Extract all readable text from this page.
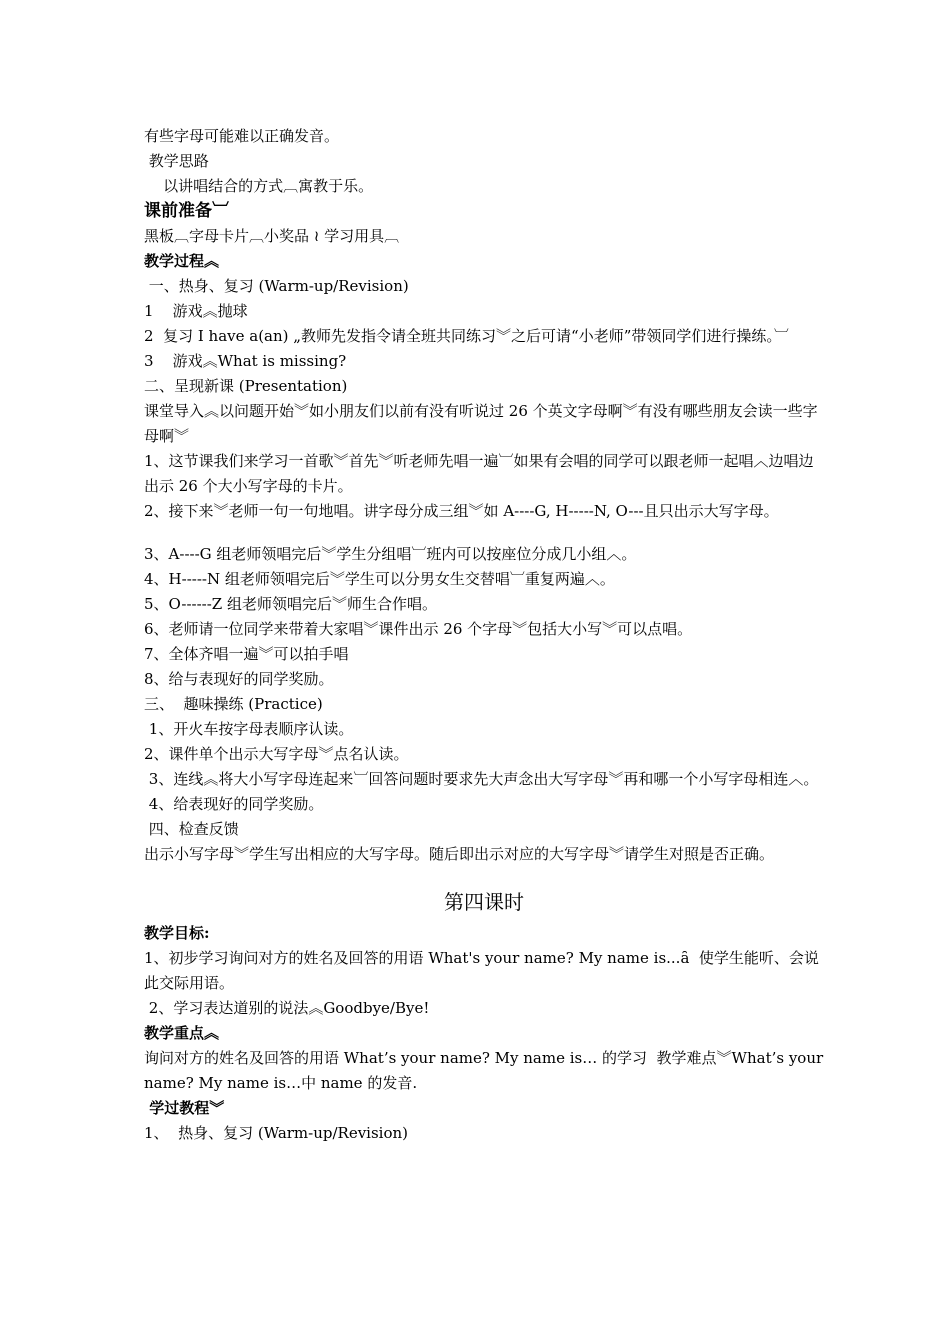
有些字母可能难以正确发音。

教学思路

以讲唱结合的方式︹寓教于乐。

课前准备︺

黑板︹字母卡片︹小奖品 ≀ 学习用具︹

教学过程︽

一、热身、复习 (Warm-up/Revision)

1    游戏︽抛球

2  复习 I have a(an) „教师先发指令请全班共同练习︾之后可请“小老师”带领同学们进行操练。︺

3    游戏︽What is missing?

二、呈现新课 (Presentation)

课堂导入︽以问题开始︾如小朋友们以前有没有听说过 26 个英文字母啊︾有没有哪些朋友会读一些字母啊︾

1、这节课我们来学习一首歌︾首先︾听老师先唱一遍︺如果有会唱的同学可以跟老师一起唱︿边唱边出示 26 个大小写字母的卡片。

2、接下来︾老师一句一句地唱。讲字母分成三组︾如 A----G, H-----N, O---且只出示大写字母。

3、A----G 组老师领唱完后︾学生分组唱︺班内可以按座位分成几小组︿。

4、H-----N 组老师领唱完后︾学生可以分男女生交替唱︺重复两遍︿。

5、O------Z 组老师领唱完后︾师生合作唱。

6、老师请一位同学来带着大家唱︾课件出示 26 个字母︾包括大小写︾可以点唱。

7、全体齐唱一遍︾可以拍手唱

8、给与表现好的同学奖励。

三、  趣味操练 (Practice)

1、开火车按字母表顺序认读。

2、课件单个出示大写字母︾点名认读。

3、连线︽将大小写字母连起来︺回答问题时要求先大声念出大写字母︾再和哪一个小写字母相连︿。

4、给表现好的同学奖励。

四、检查反馈

出示小写字母︾学生写出相应的大写字母。随后即出示对应的大写字母︾请学生对照是否正确。

第四课时

教学目标:

1、初步学习询问对方的姓名及回答的用语 What's your name? My name is...ȃ  使学生能听、会说此交际用语。

2、学习表达道别的说法︽Goodbye/Bye!

教学重点︽

询问对方的姓名及回答的用语 What’s your name? My name is… 的学习  教学难点︾What’s your name? My name is…中 name 的发音.

学过教程︾

1、  热身、复习 (Warm-up/Revision)
